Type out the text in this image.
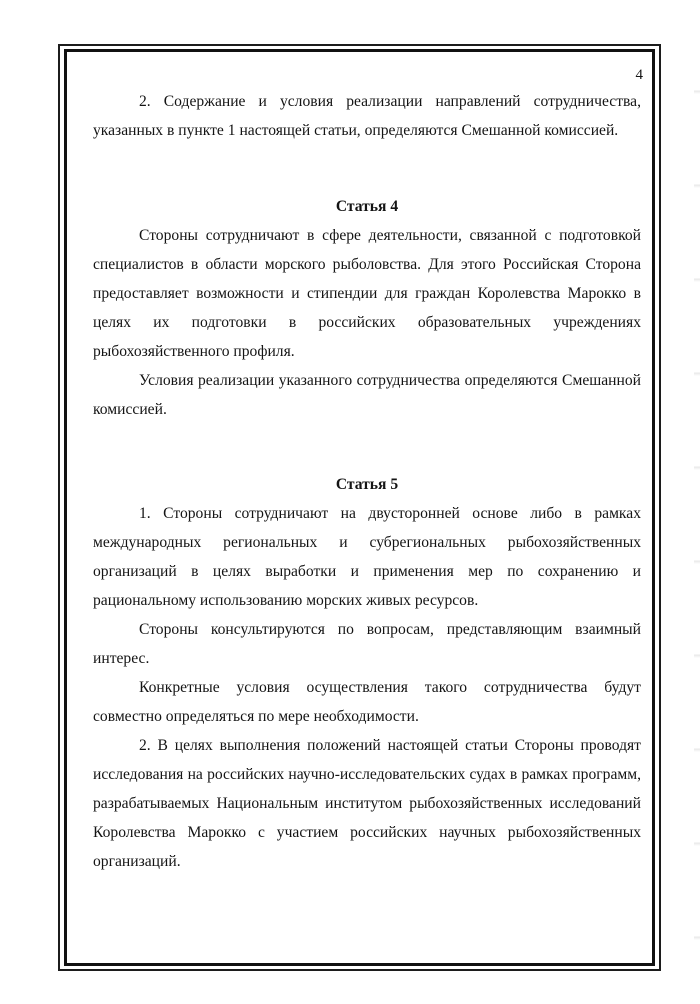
4

2. Содержание и условия реализации направлений сотрудничества, указанных в пункте 1 настоящей статьи, определяются Смешанной комиссией.

Статья 4

Стороны сотрудничают в сфере деятельности, связанной с подготовкой специалистов в области морского рыболовства. Для этого Российская Сторона предоставляет возможности и стипендии для граждан Королевства Марокко в целях их подготовки в российских образовательных учреждениях рыбохозяйственного профиля.

Условия реализации указанного сотрудничества определяются Смешанной комиссией.

Статья 5

1. Стороны сотрудничают на двусторонней основе либо в рамках международных региональных и субрегиональных рыбохозяйственных организаций в целях выработки и применения мер по сохранению и рациональному использованию морских живых ресурсов.

Стороны консультируются по вопросам, представляющим взаимный интерес.

Конкретные условия осуществления такого сотрудничества будут совместно определяться по мере необходимости.

2. В целях выполнения положений настоящей статьи Стороны проводят исследования на российских научно-исследовательских судах в рамках программ, разрабатываемых Национальным институтом рыбохозяйственных исследований Королевства Марокко с участием российских научных рыбохозяйственных организаций.
